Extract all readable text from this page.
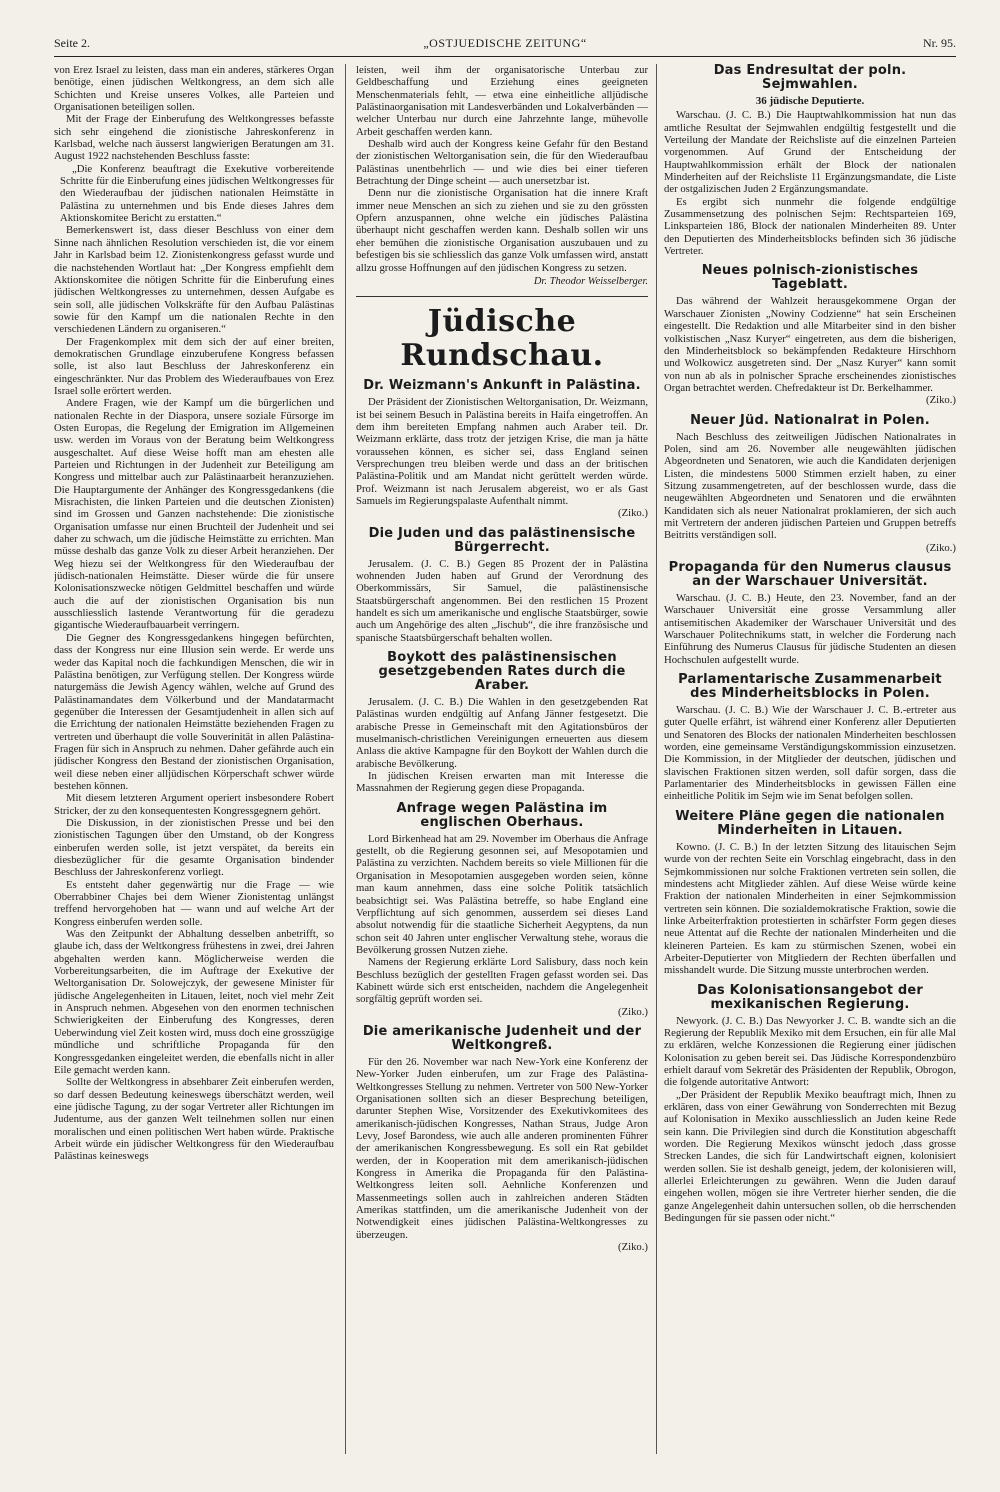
Seite 2.	„OSTJUEDISCHE ZEITUNG“	Nr. 95.

von Erez Israel zu leisten, dass man ein anderes, stärkeres Organ benötige, einen jüdischen Weltkongress, an dem sich alle Schichten und Kreise unseres Volkes, alle Parteien und Organisationen beteiligen sollen.

Mit der Frage der Einberufung des Weltkongresses befasste sich sehr eingehend die zionistische Jahreskonferenz in Karlsbad, welche nach äusserst langwierigen Beratungen am 31. August 1922 nachstehenden Beschluss fasste:

„Die Konferenz beauftragt die Exekutive vorbereitende Schritte für die Einberufung eines jüdischen Weltkongresses für den Wiederaufbau der jüdischen nationalen Heimstätte in Palästina zu unternehmen und bis Ende dieses Jahres dem Aktionskomitee Bericht zu erstatten.“

Bemerkenswert ist, dass dieser Beschluss von einer dem Sinne nach ähnlichen Resolution verschieden ist, die vor einem Jahr in Karlsbad beim 12. Zionistenkongress gefasst wurde und die nachstehenden Wortlaut hat: „Der Kongress empfiehlt dem Aktionskomitee die nötigen Schritte für die Einberufung eines jüdischen Weltkongresses zu unternehmen, dessen Aufgabe es sein soll, alle jüdischen Volkskräfte für den Aufbau Palästinas sowie für den Kampf um die nationalen Rechte in den verschiedenen Ländern zu organiseren.“

Der Fragenkomplex mit dem sich der auf einer breiten, demokratischen Grundlage einzuberufene Kongress befassen solle, ist also laut Beschluss der Jahreskonferenz ein eingeschränkter. Nur das Problem des Wiederaufbaues von Erez Israel solle erörtert werden.

Andere Fragen, wie der Kampf um die bürgerlichen und nationalen Rechte in der Diaspora, unsere soziale Fürsorge im Osten Europas, die Regelung der Emigration im Allgemeinen usw. werden im Voraus von der Beratung beim Weltkongress ausgeschaltet. Auf diese Weise hofft man am ehesten alle Parteien und Richtungen in der Judenheit zur Beteiligung am Kongress und mittelbar auch zur Palästinaarbeit heranzuziehen. Die Hauptargumente der Anhänger des Kongressgedankens (die Misrachisten, die linken Parteien und die deutschen Zionisten) sind im Grossen und Ganzen nachstehende: Die zionistische Organisation umfasse nur einen Bruchteil der Judenheit und sei daher zu schwach, um die jüdische Heimstätte zu errichten. Man müsse deshalb das ganze Volk zu dieser Arbeit heranziehen. Der Weg hiezu sei der Weltkongress für den Wiederaufbau der jüdisch-nationalen Heimstätte. Dieser würde die für unsere Kolonisationszwecke nötigen Geldmittel beschaffen und würde auch die auf der zionistischen Organisation bis nun ausschliesslich lastende Verantwortung für die geradezu gigantische Wiederaufbauarbeit verringern.

Die Gegner des Kongressgedankens hingegen befürchten, dass der Kongress nur eine Illusion sein werde. Er werde uns weder das Kapital noch die fachkundigen Menschen, die wir in Palästina benötigen, zur Verfügung stellen. Der Kongress würde naturgemäss die Jewish Agency wählen, welche auf Grund des Palästinamandates dem Völkerbund und der Mandatarmacht gegenüber die Interessen der Gesamtjudenheit in allen sich auf die Errichtung der nationalen Heimstätte beziehenden Fragen zu vertreten und überhaupt die volle Souverinität in allen Palästina-Fragen für sich in Anspruch zu nehmen. Daher gefährde auch ein jüdischer Kongress den Bestand der zionistischen Organisation, weil diese neben einer alljüdischen Körperschaft schwer würde bestehen können.

Mit diesem letzteren Argument operiert insbesondere Robert Stricker, der zu den konsequentesten Kongressgegnern gehört.

Die Diskussion, in der zionistischen Presse und bei den zionistischen Tagungen über den Umstand, ob der Kongress einberufen werden solle, ist jetzt verspätet, da bereits ein diesbezüglicher für die gesamte Organisation bindender Beschluss der Jahreskonferenz vorliegt.

Es entsteht daher gegenwärtig nur die Frage — wie Oberrabbiner Chajes bei dem Wiener Zionistentag unlängst treffend hervorgehoben hat — wann und auf welche Art der Kongress einberufen werden solle.

Was den Zeitpunkt der Abhaltung desselben anbetrifft, so glaube ich, dass der Weltkongress frühestens in zwei, drei Jahren abgehalten werden kann. Möglicherweise werden die Vorbereitungsarbeiten, die im Auftrage der Exekutive der Weltorganisation Dr. Solowejczyk, der gewesene Minister für jüdische Angelegenheiten in Litauen, leitet, noch viel mehr Zeit in Anspruch nehmen. Abgesehen von den enormen technischen Schwierigkeiten der Einberufung des Kongresses, deren Ueberwindung viel Zeit kosten wird, muss doch eine grosszügige mündliche und schriftliche Propaganda für den Kongressgedanken eingeleitet werden, die ebenfalls nicht in aller Eile gemacht werden kann.

Sollte der Weltkongress in absehbarer Zeit einberufen werden, so darf dessen Bedeutung keineswegs überschätzt werden, weil eine jüdische Tagung, zu der sogar Vertreter aller Richtungen im Judentume, aus der ganzen Welt teilnehmen sollen nur einen moralischen und einen politischen Wert haben würde. Praktische Arbeit würde ein jüdischer Weltkongress für den Wiederaufbau Palästinas keineswegs

leisten, weil ihm der organisatorische Unterbau zur Geldbeschaffung und Erziehung eines geeigneten Menschenmaterials fehlt, — etwa eine einheitliche alljüdische Palästinaorganisation mit Landesverbänden und Lokalverbänden — welcher Unterbau nur durch eine Jahrzehnte lange, mühevolle Arbeit geschaffen werden kann.

Deshalb wird auch der Kongress keine Gefahr für den Bestand der zionistischen Weltorganisation sein, die für den Wiederaufbau Palästinas unentbehrlich — und wie dies bei einer tieferen Betrachtung der Dinge scheint — auch unersetzbar ist.

Denn nur die zionistische Organisation hat die innere Kraft immer neue Menschen an sich zu ziehen und sie zu den grössten Opfern anzuspannen, ohne welche ein jüdisches Palästina überhaupt nicht geschaffen werden kann. Deshalb sollen wir uns eher bemühen die zionistische Organisation auszubauen und zu befestigen bis sie schliesslich das ganze Volk umfassen wird, anstatt allzu grosse Hoffnungen auf den jüdischen Kongress zu setzen.

Dr. Theodor Weisselberger.
Jüdische Rundschau.
Dr. Weizmann's Ankunft in Palästina.

Der Präsident der Zionistischen Weltorganisation, Dr. Weizmann, ist bei seinem Besuch in Palästina bereits in Haifa eingetroffen. An dem ihm bereiteten Empfang nahmen auch Araber teil. Dr. Weizmann erklärte, dass trotz der jetzigen Krise, die man ja hätte voraussehen können, es sicher sei, dass England seinen Versprechungen treu bleiben werde und dass an der britischen Palästina-Politik und am Mandat nicht gerüttelt werden würde. Prof. Weizmann ist nach Jerusalem abgereist, wo er als Gast Samuels im Regierungspalaste Aufenthalt nimmt.

(Ziko.)
Die Juden und das palästinensische Bürgerrecht.

Jerusalem. (J. C. B.) Gegen 85 Prozent der in Palästina wohnenden Juden haben auf Grund der Verordnung des Oberkommissärs, Sir Samuel, die palästinensische Staatsbürgerschaft angenommen. Bei den restlichen 15 Prozent handelt es sich um amerikanische und englische Staatsbürger, sowie auch um Angehörige des alten „Jischub“, die ihre französische und spanische Staatsbürgerschaft behalten wollen.

Boykott des palästinensischen gesetzgebenden Rates durch die Araber.

Jerusalem. (J. C. B.) Die Wahlen in den gesetzgebenden Rat Palästinas wurden endgültig auf Anfang Jänner festgesetzt. Die arabische Presse in Gemeinschaft mit den Agitationsbüros der muselmanisch-christlichen Vereinigungen erneuerten aus diesem Anlass die aktive Kampagne für den Boykott der Wahlen durch die arabische Bevölkerung.

In jüdischen Kreisen erwarten man mit Interesse die Massnahmen der Regierung gegen diese Propaganda.

Anfrage wegen Palästina im englischen Oberhaus.

Lord Birkenhead hat am 29. November im Oberhaus die Anfrage gestellt, ob die Regierung gesonnen sei, auf Mesopotamien und Palästina zu verzichten. Nachdem bereits so viele Millionen für die Organisation in Mesopotamien ausgegeben worden seien, könne man kaum annehmen, dass eine solche Politik tatsächlich beabsichtigt sei. Was Palästina betreffe, so habe England eine Verpflichtung auf sich genommen, ausserdem sei dieses Land absolut notwendig für die staatliche Sicherheit Aegyptens, da nun schon seit 40 Jahren unter englischer Verwaltung stehe, woraus die Bevölkerung grossen Nutzen ziehe.

Namens der Regierung erklärte Lord Salisbury, dass noch kein Beschluss bezüglich der gestellten Fragen gefasst worden sei. Das Kabinett würde sich erst entscheiden, nachdem die Angelegenheit sorgfältig geprüft worden sei.

(Ziko.)
Die amerikanische Judenheit und der Weltkongreß.

Für den 26. November war nach New-York eine Konferenz der New-Yorker Juden einberufen, um zur Frage des Palästina-Weltkongresses Stellung zu nehmen. Vertreter von 500 New-Yorker Organisationen sollten sich an dieser Besprechung beteiligen, darunter Stephen Wise, Vorsitzender des Exekutivkomitees des amerikanisch-jüdischen Kongresses, Nathan Straus, Judge Aron Levy, Josef Barondess, wie auch alle anderen prominenten Führer der amerikanischen Kongressbewegung. Es soll ein Rat gebildet werden, der in Kooperation mit dem amerikanisch-jüdischen Kongress in Amerika die Propaganda für den Palästina-Weltkongress leiten soll. Aehnliche Konferenzen und Massenmeetings sollen auch in zahlreichen anderen Städten Amerikas stattfinden, um die amerikanische Judenheit von der Notwendigkeit eines jüdischen Palästina-Weltkongresses zu überzeugen.

(Ziko.)
Das Endresultat der poln. Sejmwahlen.
36 jüdische Deputierte.

Warschau. (J. C. B.) Die Hauptwahlkommission hat nun das amtliche Resultat der Sejmwahlen endgültig festgestellt und die Verteilung der Mandate der Reichsliste auf die einzelnen Parteien vorgenommen. Auf Grund der Entscheidung der Hauptwahlkommission erhält der Block der nationalen Minderheiten auf der Reichsliste 11 Ergänzungsmandate, die Liste der ostgalizischen Juden 2 Ergänzungsmandate.

Es ergibt sich nunmehr die folgende endgültige Zusammensetzung des polnischen Sejm: Rechtsparteien 169, Linksparteien 186, Block der nationalen Minderheiten 89. Unter den Deputierten des Minderheitsblocks befinden sich 36 jüdische Vertreter.

Neues polnisch-zionistisches Tageblatt.

Das während der Wahlzeit herausgekommene Organ der Warschauer Zionisten „Nowiny Codzienne“ hat sein Erscheinen eingestellt. Die Redaktion und alle Mitarbeiter sind in den bisher volkistischen „Nasz Kuryer“ eingetreten, aus dem die bisherigen, den Minderheitsblock so bekämpfenden Redakteure Hirschhorn und Wolkowicz ausgetreten sind. Der „Nasz Kuryer“ kann somit von nun ab als in polnischer Sprache erscheinendes zionistisches Organ betrachtet werden. Chefredakteur ist Dr. Berkelhammer.

(Ziko.)
Neuer Jüd. Nationalrat in Polen.

Nach Beschluss des zeitweiligen Jüdischen Nationalrates in Polen, sind am 26. November alle neugewählten jüdischen Abgeordneten und Senatoren, wie auch die Kandidaten derjenigen Listen, die mindestens 5000 Stimmen erzielt haben, zu einer Sitzung zusammengetreten, auf der beschlossen wurde, dass die neugewählten Abgeordneten und Senatoren und die erwähnten Kandidaten sich als neuer Nationalrat proklamieren, der sich auch mit Vertretern der anderen jüdischen Parteien und Gruppen betreffs Beitritts verständigen soll.

(Ziko.)
Propaganda für den Numerus clausus an der Warschauer Universität.

Warschau. (J. C. B.) Heute, den 23. November, fand an der Warschauer Universität eine grosse Versammlung aller antisemitischen Akademiker der Warschauer Universität und des Warschauer Politechnikums statt, in welcher die Forderung nach Einführung des Numerus Clausus für jüdische Studenten an diesen Hochschulen aufgestellt wurde.

Parlamentarische Zusammenarbeit des Minderheitsblocks in Polen.

Warschau. (J. C. B.) Wie der Warschauer J. C. B.-ertreter aus guter Quelle erfährt, ist während einer Konferenz aller Deputierten und Senatoren des Blocks der nationalen Minderheiten beschlossen worden, eine gemeinsame Verständigungskommission einzusetzen. Die Kommission, in der Mitglieder der deutschen, jüdischen und slavischen Fraktionen sitzen werden, soll dafür sorgen, dass die Parlamentarier des Minderheitsblocks in gewissen Fällen eine einheitliche Politik im Sejm wie im Senat befolgen sollen.

Weitere Pläne gegen die nationalen Minderheiten in Litauen.

Kowno. (J. C. B.) In der letzten Sitzung des litauischen Sejm wurde von der rechten Seite ein Vorschlag eingebracht, dass in den Sejmkommissionen nur solche Fraktionen vertreten sein sollen, die mindestens acht Mitglieder zählen. Auf diese Weise würde keine Fraktion der nationalen Minderheiten in einer Sejmkommission vertreten sein können. Die sozialdemokratische Fraktion, sowie die linke Arbeiterfraktion protestierten in schärfster Form gegen dieses neue Attentat auf die Rechte der nationalen Minderheiten und die kleineren Parteien. Es kam zu stürmischen Szenen, wobei ein Arbeiter-Deputierter von Mitgliedern der Rechten überfallen und misshandelt wurde. Die Sitzung musste unterbrochen werden.

Das Kolonisationsangebot der mexikanischen Regierung.

Newyork. (J. C. B.) Das Newyorker J. C. B. wandte sich an die Regierung der Republik Mexiko mit dem Ersuchen, ein für alle Mal zu erklären, welche Konzessionen die Regierung einer jüdischen Kolonisation zu geben bereit sei. Das Jüdische Korrespondenzbüro erhielt darauf vom Sekretär des Präsidenten der Republik, Obrogon, die folgende autoritative Antwort:

„Der Präsident der Republik Mexiko beauftragt mich, Ihnen zu erklären, dass von einer Gewährung von Sonderrechten mit Bezug auf Kolonisation in Mexiko ausschliesslich an Juden keine Rede sein kann. Die Privilegien sind durch die Konstitution abgeschafft worden. Die Regierung Mexikos wünscht jedoch ,dass grosse Strecken Landes, die sich für Landwirtschaft eignen, kolonisiert werden sollen. Sie ist deshalb geneigt, jedem, der kolonisieren will, allerlei Erleichterungen zu gewähren. Wenn die Juden darauf eingehen wollen, mögen sie ihre Vertreter hierher senden, die die ganze Angelegenheit dahin untersuchen sollen, ob die herrschenden Bedingungen für sie passen oder nicht.“
